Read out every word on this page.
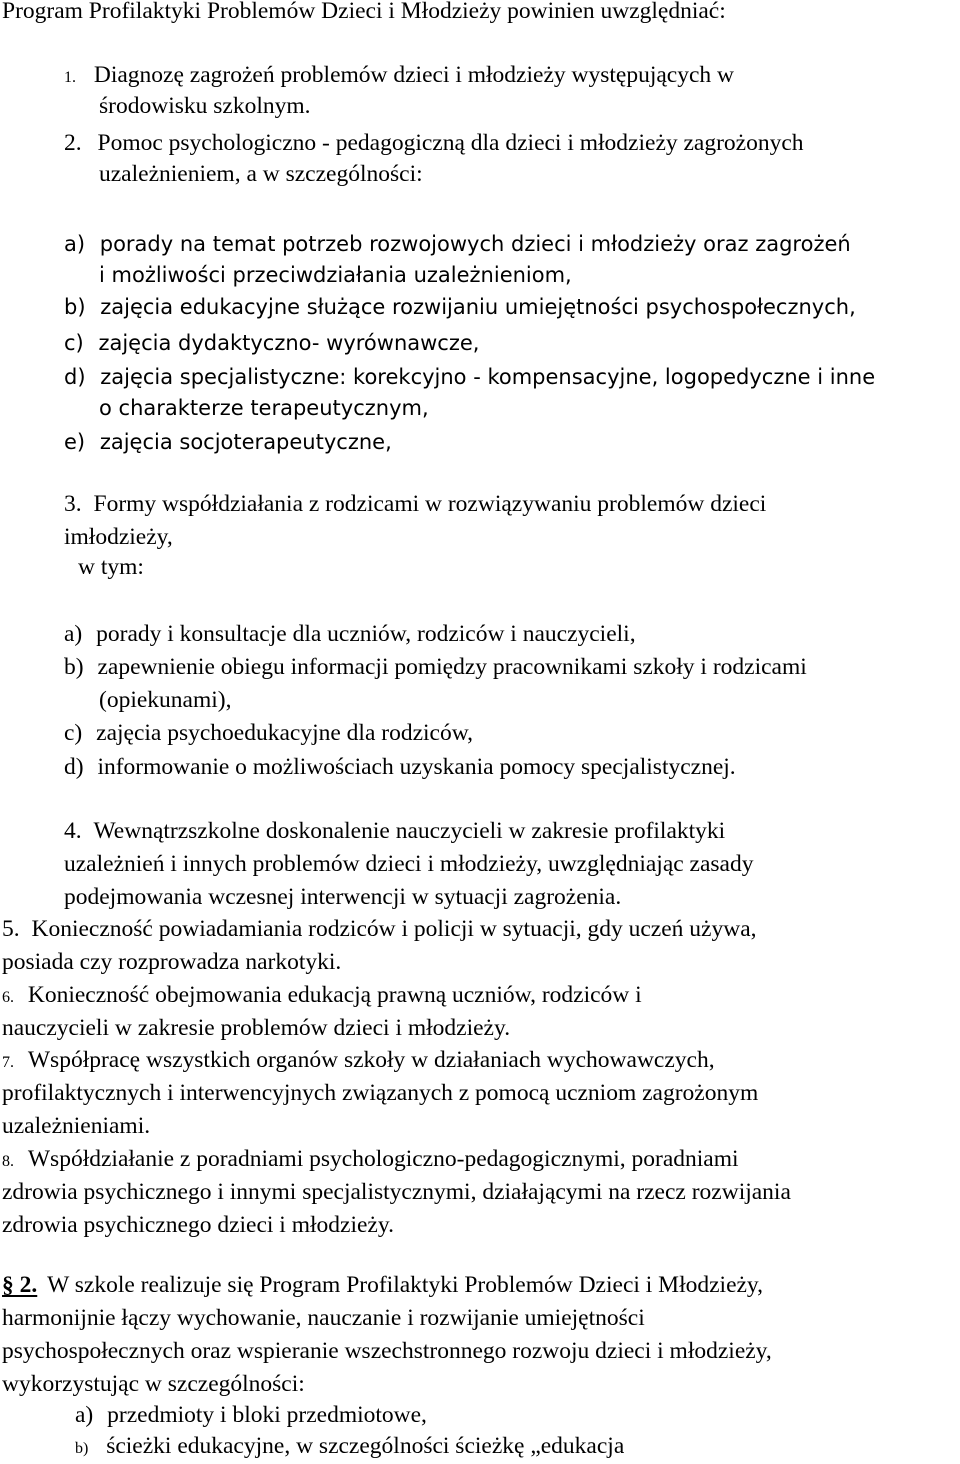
Program Profilaktyki Problemów Dzieci i Młodzieży powinien uwzględniać:
1. Diagnozę zagrożeń problemów dzieci i młodzieży występujących w
środowisku szkolnym.
2. Pomoc psychologiczno - pedagogiczną dla dzieci i młodzieży zagrożonych
uzależnieniem, a w szczególności:
a) porady na temat potrzeb rozwojowych dzieci i młodzieży oraz zagrożeń
i możliwości przeciwdziałania uzależnieniom,
b) zajęcia edukacyjne służące rozwijaniu umiejętności psychospołecznych,
c) zajęcia dydaktyczno- wyrównawcze,
d) zajęcia specjalistyczne: korekcyjno - kompensacyjne, logopedyczne i inne
o charakterze terapeutycznym,
e) zajęcia socjoterapeutyczne,
3. Formy współdziałania z rodzicami w rozwiązywaniu problemów dzieci
imłodzieży,
w tym:
a) porady i konsultacje dla uczniów, rodziców i nauczycieli,
b) zapewnienie obiegu informacji pomiędzy pracownikami szkoły i rodzicami
(opiekunami),
c) zajęcia psychoedukacyjne dla rodziców,
d) informowanie o możliwościach uzyskania pomocy specjalistycznej.
4. Wewnątrzszkolne doskonalenie nauczycieli w zakresie profilaktyki
uzależnień i innych problemów dzieci i młodzieży, uwzględniając zasady
podejmowania wczesnej interwencji w sytuacji zagrożenia.
5. Konieczność powiadamiania rodziców i policji w sytuacji, gdy uczeń używa,
posiada czy rozprowadza narkotyki.
6. Konieczność obejmowania edukacją prawną uczniów, rodziców i
nauczycieli w zakresie problemów dzieci i młodzieży.
7. Współpracę wszystkich organów szkoły w działaniach wychowawczych,
profilaktycznych i interwencyjnych związanych z pomocą uczniom zagrożonym
uzależnieniami.
8. Współdziałanie z poradniami psychologiczno-pedagogicznymi, poradniami
zdrowia psychicznego i innymi specjalistycznymi, działającymi na rzecz rozwijania
zdrowia psychicznego dzieci i młodzieży.
§ 2. W szkole realizuje się Program Profilaktyki Problemów Dzieci i Młodzieży,
harmonijnie łączy wychowanie, nauczanie i rozwijanie umiejętności
psychospołecznych oraz wspieranie wszechstronnego rozwoju dzieci i młodzieży,
wykorzystując w szczególności:
a) przedmioty i bloki przedmiotowe,
b) ścieżki edukacyjne, w szczególności ścieżkę „edukacja
